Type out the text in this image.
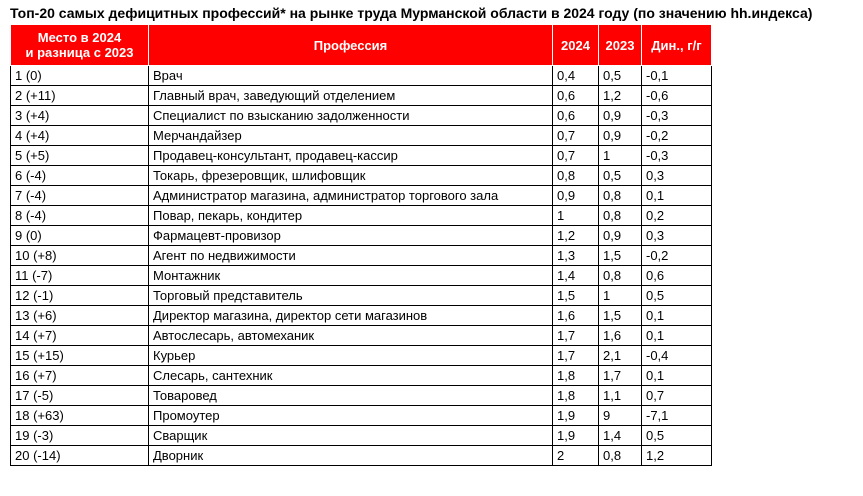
Топ-20 самых дефицитных профессий* на рынке труда Мурманской области в 2024 году (по значению hh.индекса)
Место в 2024
и разница с 2023	Профессия	2024	2023	Дин., г/г
1 (0)	Врач	0,4	0,5	-0,1
2 (+11)	Главный врач, заведующий отделением	0,6	1,2	-0,6
3 (+4)	Специалист по взысканию задолженности	0,6	0,9	-0,3
4 (+4)	Мерчандайзер	0,7	0,9	-0,2
5 (+5)	Продавец-консультант, продавец-кассир	0,7	1	-0,3
6 (-4)	Токарь, фрезеровщик, шлифовщик	0,8	0,5	0,3
7 (-4)	Администратор магазина, администратор торгового зала	0,9	0,8	0,1
8 (-4)	Повар, пекарь, кондитер	1	0,8	0,2
9 (0)	Фармацевт-провизор	1,2	0,9	0,3
10 (+8)	Агент по недвижимости	1,3	1,5	-0,2
11 (-7)	Монтажник	1,4	0,8	0,6
12 (-1)	Торговый представитель	1,5	1	0,5
13 (+6)	Директор магазина, директор сети магазинов	1,6	1,5	0,1
14 (+7)	Автослесарь, автомеханик	1,7	1,6	0,1
15 (+15)	Курьер	1,7	2,1	-0,4
16 (+7)	Слесарь, сантехник	1,8	1,7	0,1
17 (-5)	Товаровед	1,8	1,1	0,7
18 (+63)	Промоутер	1,9	9	-7,1
19 (-3)	Сварщик	1,9	1,4	0,5
20 (-14)	Дворник	2	0,8	1,2
